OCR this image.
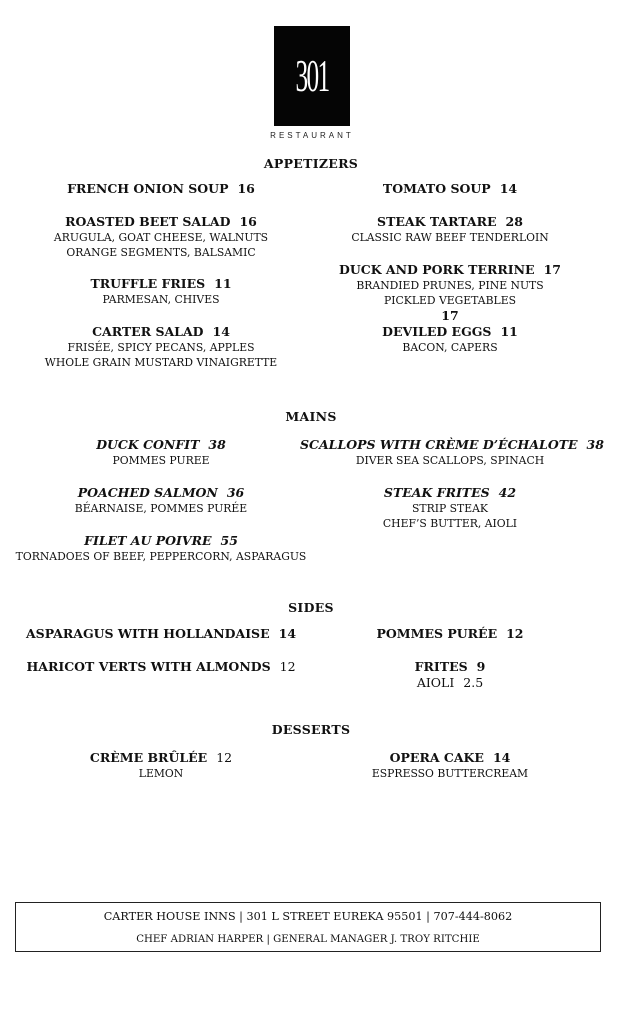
301
RESTAURANT
APPETIZERS
FRENCH ONION SOUP 16	TOMATO SOUP 14
ROASTED BEET SALAD 16
ARUGULA, GOAT CHEESE, WALNUTS
ORANGE SEGMENTS, BALSAMIC
STEAK TARTARE 28
CLASSIC RAW BEEF TENDERLOIN
DUCK AND PORK TERRINE 17
BRANDIED PRUNES, PINE NUTS
PICKLED VEGETABLES
17
TRUFFLE FRIES 11
PARMESAN, CHIVES
CARTER SALAD 14
FRISÉE, SPICY PECANS, APPLES
WHOLE GRAIN MUSTARD VINAIGRETTE
DEVILED EGGS 11
BACON, CAPERS
MAINS
DUCK CONFIT 38
POMMES PUREE
SCALLOPS WITH CRÈME D’ÉCHALOTE 38
DIVER SEA SCALLOPS, SPINACH
POACHED SALMON 36
BÉARNAISE, POMMES PURÉE
STEAK FRITES 42
STRIP STEAK
CHEF’S BUTTER, AIOLI
FILET AU POIVRE 55
TORNADOES OF BEEF, PEPPERCORN, ASPARAGUS
SIDES
ASPARAGUS WITH HOLLANDAISE 14	POMMES PURÉE 12
HARICOT VERTS WITH ALMONDS 12	FRITES 9
AIOLI 2.5
DESSERTS
CRÈME BRÛLÉE 12
LEMON
OPERA CAKE 14
ESPRESSO BUTTERCREAM
CARTER HOUSE INNS | 301 L STREET EUREKA 95501 | 707-444-8062
CHEF ADRIAN HARPER | GENERAL MANAGER J. TROY RITCHIE
